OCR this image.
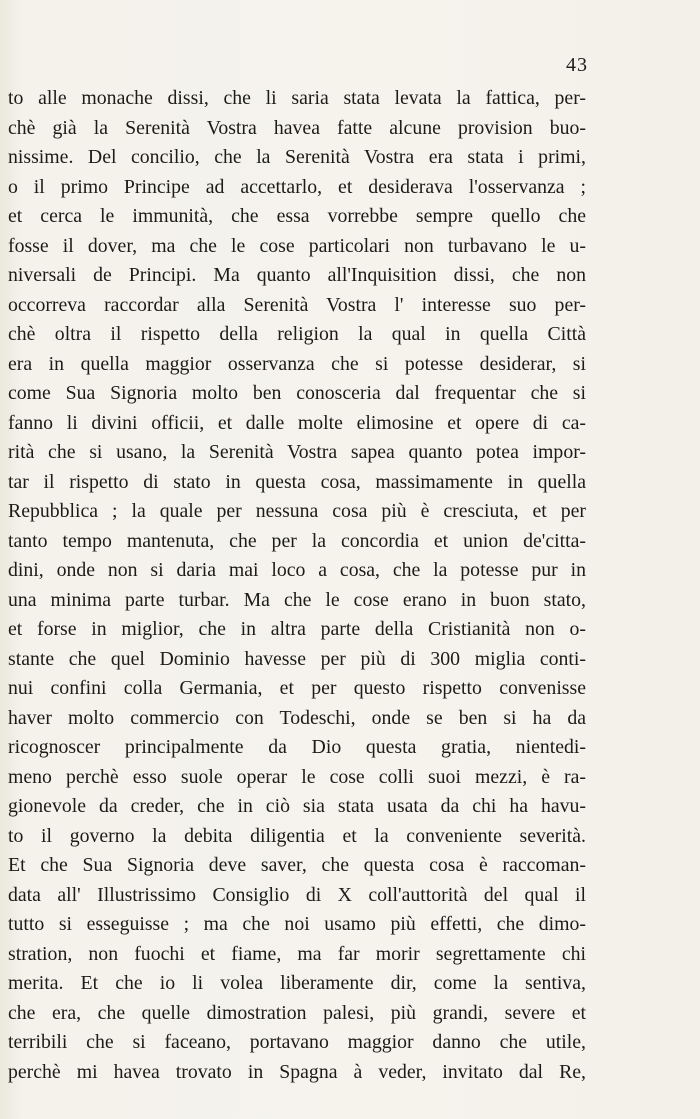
43
to alle monache dissi, che li saria stata levata la fattica, per-
chè già la Serenità Vostra havea fatte alcune provision buo-
nissime. Del concilio, che la Serenità Vostra era stata i primi,
o il primo Principe ad accettarlo, et desiderava l'osservanza ;
et cerca le immunità, che essa vorrebbe sempre quello che
fosse il dover, ma che le cose particolari non turbavano le u-
niversali de Principi. Ma quanto all'Inquisition dissi, che non
occorreva raccordar alla Serenità Vostra l' interesse suo per-
chè oltra il rispetto della religion la qual in quella Città
era in quella maggior osservanza che si potesse desiderar, si
come Sua Signoria molto ben conosceria dal frequentar che si
fanno li divini officii, et dalle molte elimosine et opere di ca-
rità che si usano, la Serenità Vostra sapea quanto potea impor-
tar il rispetto di stato in questa cosa, massimamente in quella
Repubblica ; la quale per nessuna cosa più è cresciuta, et per
tanto tempo mantenuta, che per la concordia et union de'citta-
dini, onde non si daria mai loco a cosa, che la potesse pur in
una minima parte turbar. Ma che le cose erano in buon stato,
et forse in miglior, che in altra parte della Cristianità non o-
stante che quel Dominio havesse per più di 300 miglia conti-
nui confini colla Germania, et per questo rispetto convenisse
haver molto commercio con Todeschi, onde se ben si ha da
ricognoscer principalmente da Dio questa gratia, nientedi-
meno perchè esso suole operar le cose colli suoi mezzi, è ra-
gionevole da creder, che in ciò sia stata usata da chi ha havu-
to il governo la debita diligentia et la conveniente severità.
Et che Sua Signoria deve saver, che questa cosa è raccoman-
data all' Illustrissimo Consiglio di X coll'auttorità del qual il
tutto si esseguisse ; ma che noi usamo più effetti, che dimo-
stration, non fuochi et fiame, ma far morir segrettamente chi
merita. Et che io li volea liberamente dir, come la sentiva,
che era, che quelle dimostration palesi, più grandi, severe et
terribili che si faceano, portavano maggior danno che utile,
perchè mi havea trovato in Spagna à veder, invitato dal Re,
